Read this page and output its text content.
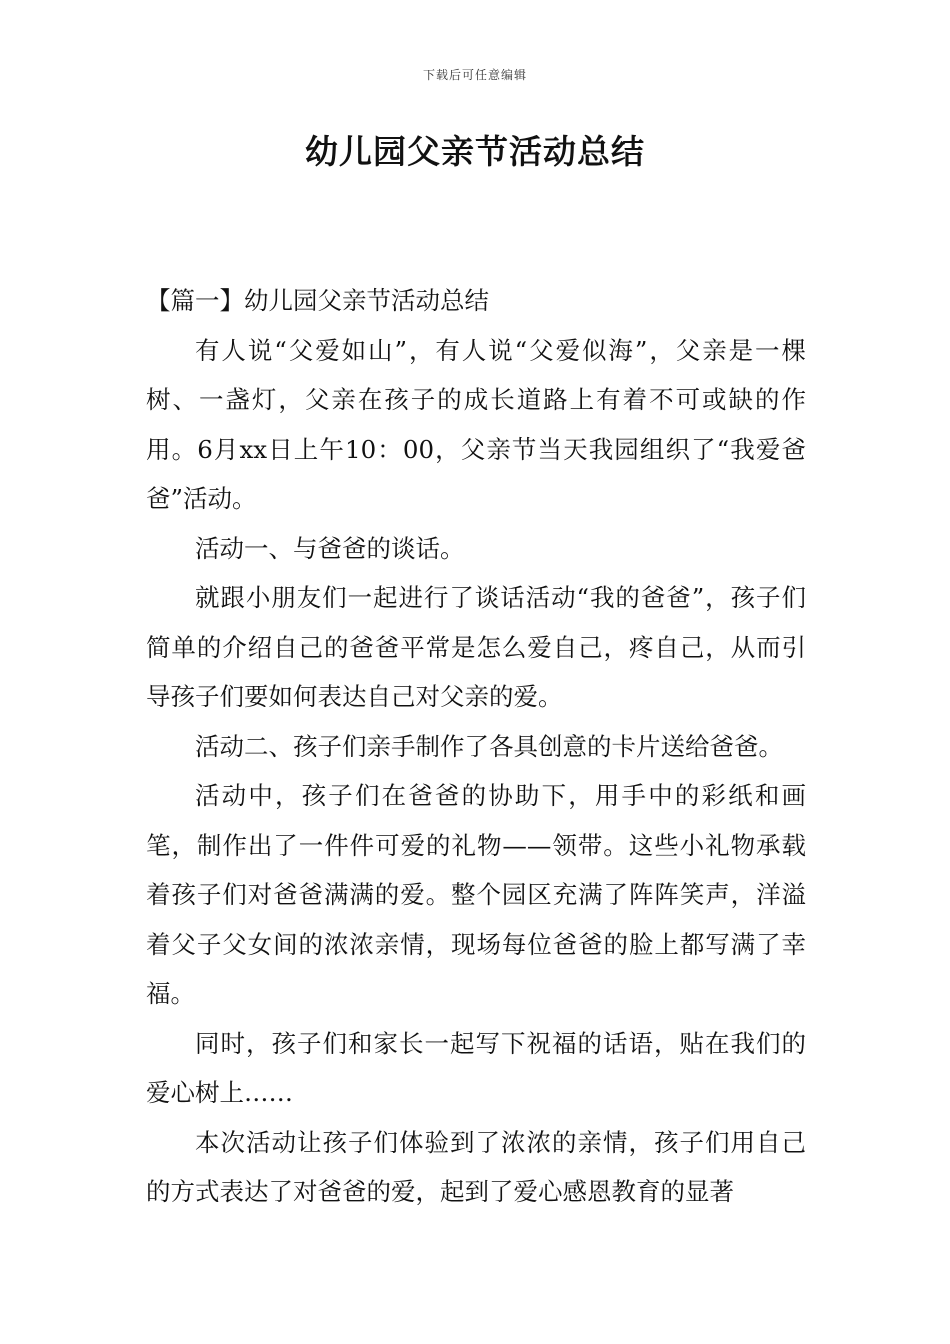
下载后可任意编辑
幼儿园父亲节活动总结

【篇一】幼儿园父亲节活动总结

有人说“父爱如山”，有人说“父爱似海”，父亲是一棵树、一盏灯，父亲在孩子的成长道路上有着不可或缺的作用。6月xx日上午10：00，父亲节当天我园组织了“我爱爸爸”活动。

活动一、与爸爸的谈话。

就跟小朋友们一起进行了谈话活动“我的爸爸”，孩子们简单的介绍自己的爸爸平常是怎么爱自己，疼自己，从而引导孩子们要如何表达自己对父亲的爱。

活动二、孩子们亲手制作了各具创意的卡片送给爸爸。

活动中，孩子们在爸爸的协助下，用手中的彩纸和画笔，制作出了一件件可爱的礼物——领带。这些小礼物承载着孩子们对爸爸满满的爱。整个园区充满了阵阵笑声，洋溢着父子父女间的浓浓亲情，现场每位爸爸的脸上都写满了幸福。

同时，孩子们和家长一起写下祝福的话语，贴在我们的爱心树上……

本次活动让孩子们体验到了浓浓的亲情，孩子们用自己的方式表达了对爸爸的爱，起到了爱心感恩教育的显著
